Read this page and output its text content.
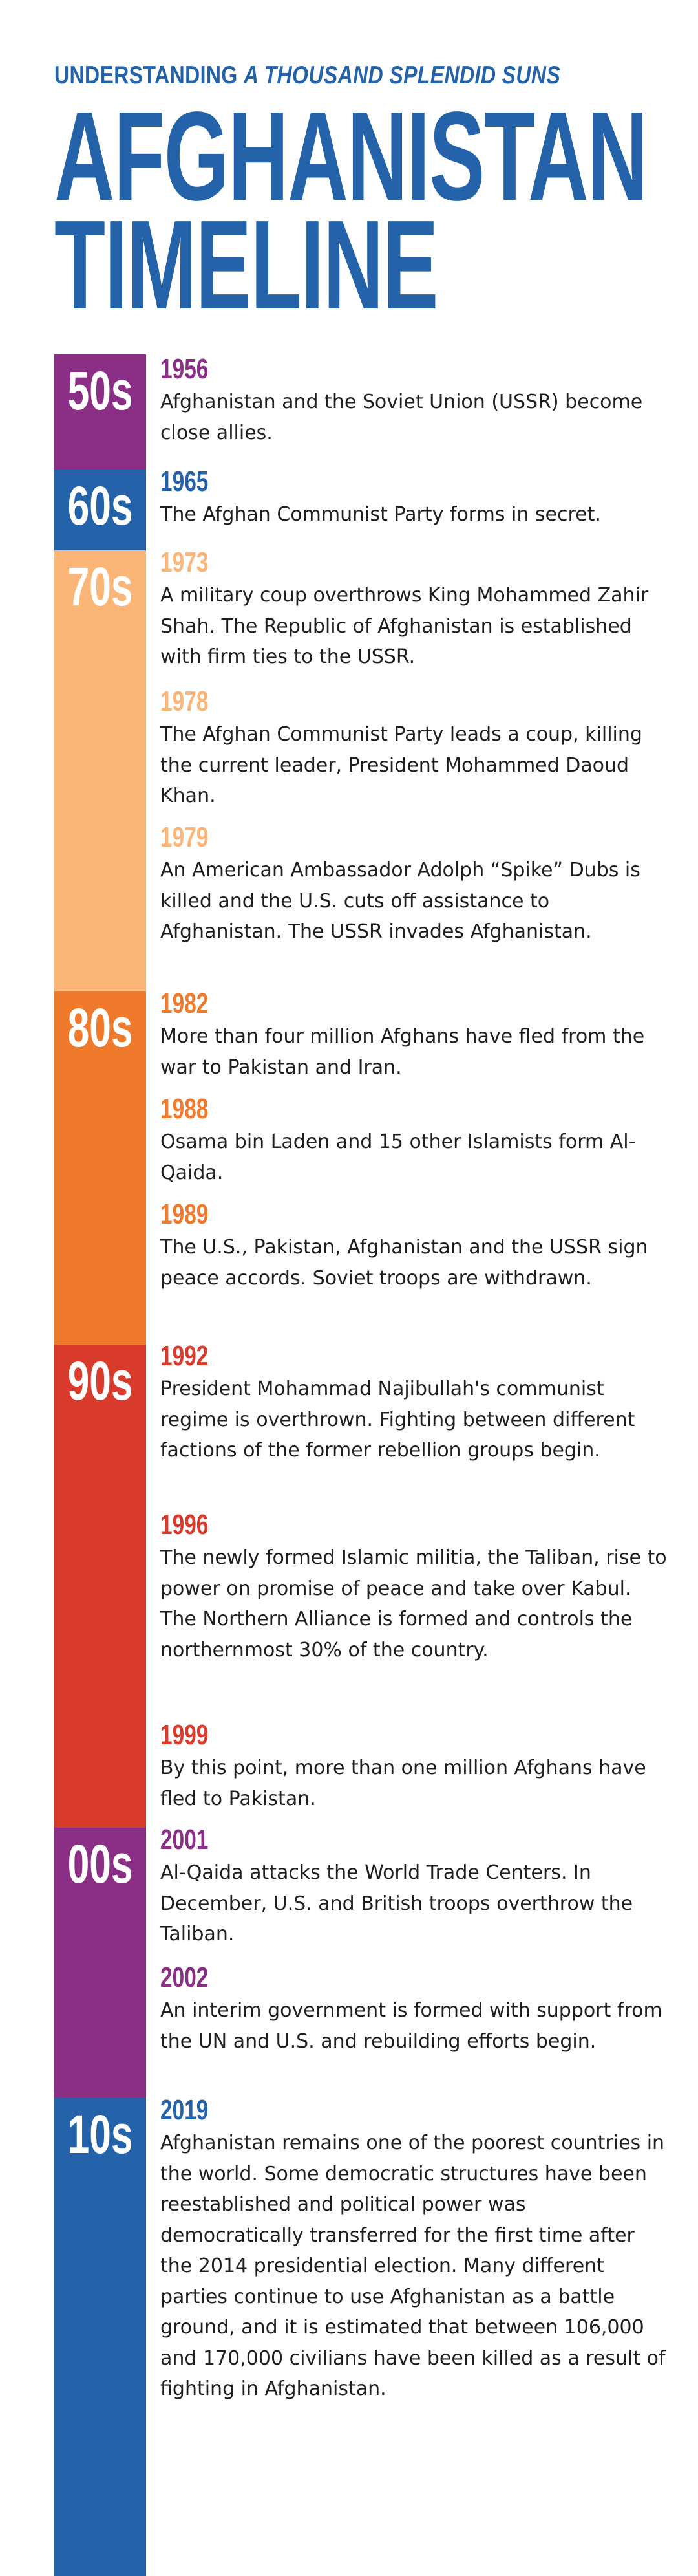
UNDERSTANDING A THOUSAND SPLENDID SUNS
AFGHANISTAN
TIMELINE
50s
60s
70s
80s
90s
00s
10s
1956
Afghanistan and the Soviet Union (USSR) become close allies.
1965
The Afghan Communist Party forms in secret.
1973
A military coup overthrows King Mohammed Zahir Shah. The Republic of Afghanistan is established with firm ties to the USSR.
1978
The Afghan Communist Party leads a coup, killing the current leader, President Mohammed Daoud Khan.
1979
An American Ambassador Adolph “Spike” Dubs is killed and the U.S. cuts off assistance to Afghanistan. The USSR invades Afghanistan.
1982
More than four million Afghans have fled from the war to Pakistan and Iran.
1988
Osama bin Laden and 15 other Islamists form Al-Qaida.
1989
The U.S., Pakistan, Afghanistan and the USSR sign peace accords. Soviet troops are withdrawn.
1992
President Mohammad Najibullah's communist regime is overthrown. Fighting between different factions of the former rebellion groups begin.
1996
The newly formed Islamic militia, the Taliban, rise to power on promise of peace and take over Kabul. The Northern Alliance is formed and controls the northernmost 30% of the country.
1999
By this point, more than one million Afghans have fled to Pakistan.
2001
Al-Qaida attacks the World Trade Centers. In December, U.S. and British troops overthrow the Taliban.
2002
An interim government is formed with support from the UN and U.S. and rebuilding efforts begin.
2019
Afghanistan remains one of the poorest countries in the world. Some democratic structures have been reestablished and political power was democratically transferred for the first time after the 2014 presidential election. Many different parties continue to use Afghanistan as a battle ground, and it is estimated that between 106,000 and 170,000 civilians have been killed as a result of fighting in Afghanistan.
